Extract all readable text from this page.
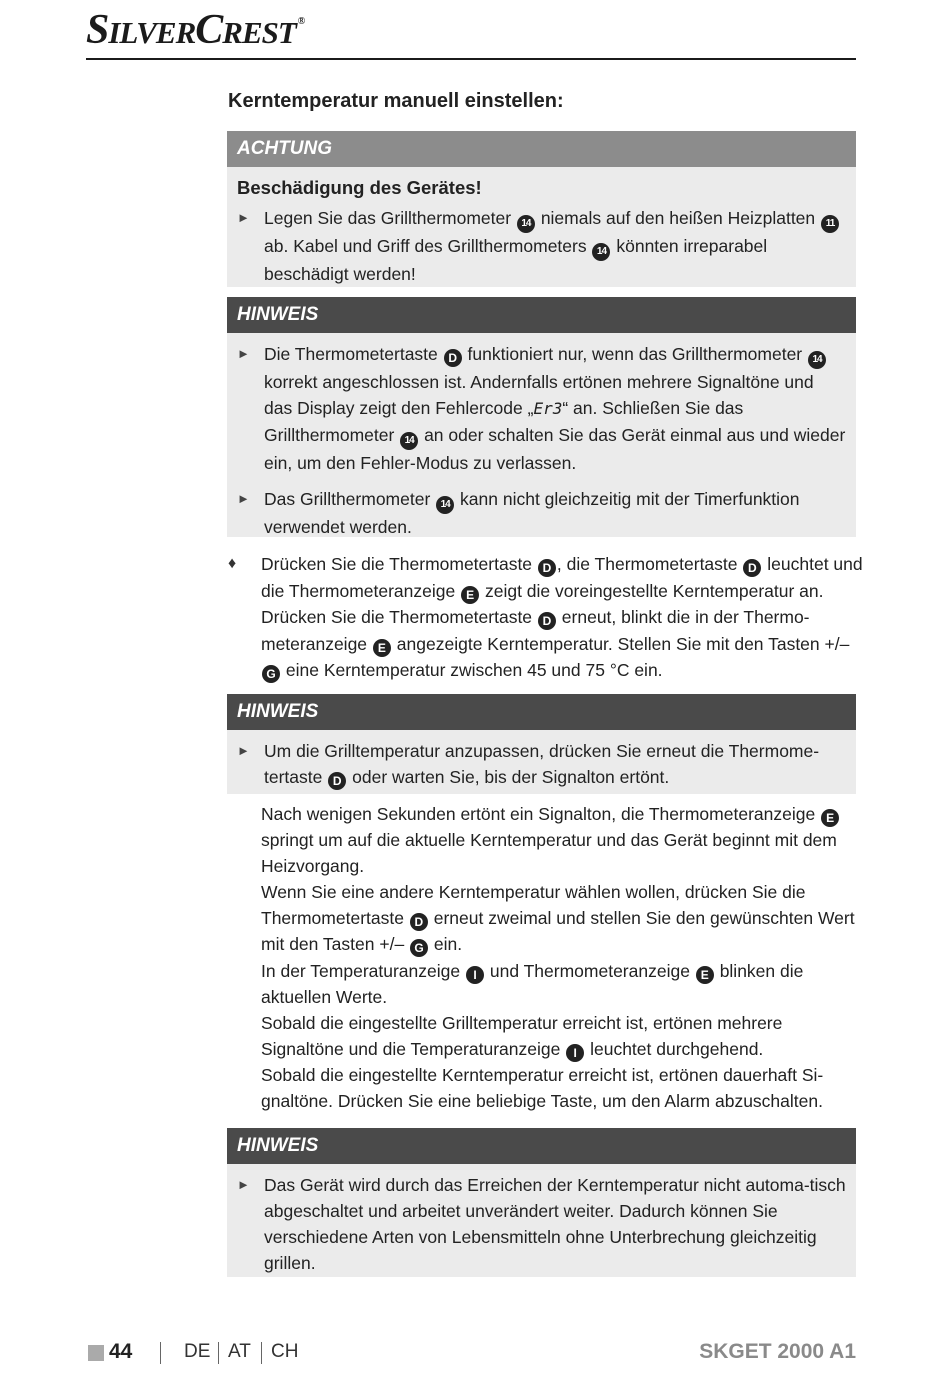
SILVERCREST ®
Kerntemperatur manuell einstellen:
ACHTUNG
Beschädigung des Gerätes!
► Legen Sie das Grillthermometer 14 niemals auf den heißen Heizplatten 11 ab. Kabel und Griff des Grillthermometers 14 könnten irreparabel beschädigt werden!
HINWEIS
► Die Thermometertaste D funktioniert nur, wenn das Grillthermometer 14 korrekt angeschlossen ist. Andernfalls ertönen mehrere Signaltöne und das Display zeigt den Fehlercode „Er3“ an. Schließen Sie das Grillthermometer 14 an oder schalten Sie das Gerät einmal aus und wieder ein, um den Fehler-Modus zu verlassen.
► Das Grillthermometer 14 kann nicht gleichzeitig mit der Timerfunktion verwendet werden.
♦	Drücken Sie die Thermometertaste D , die Thermometertaste D leuchtet und die Thermometeranzeige E zeigt die voreingestellte Kerntemperatur an. Drücken Sie die Thermometertaste D erneut, blinkt die in der Thermo-meteranzeige E angezeigte Kerntemperatur. Stellen Sie mit den Tasten +/– G eine Kerntemperatur zwischen 45 und 75 °C ein.
HINWEIS
► Um die Grilltemperatur anzupassen, drücken Sie erneut die Thermome-tertaste D oder warten Sie, bis der Signalton ertönt.
Nach wenigen Sekunden ertönt ein Signalton, die Thermometeranzeige E springt um auf die aktuelle Kerntemperatur und das Gerät beginnt mit dem Heizvorgang.
Wenn Sie eine andere Kerntemperatur wählen wollen, drücken Sie die Thermometertaste D erneut zweimal und stellen Sie den gewünschten Wert mit den Tasten +/– G ein.
In der Temperaturanzeige I und Thermometeranzeige E blinken die aktuellen Werte.
Sobald die eingestellte Grilltemperatur erreicht ist, ertönen mehrere Signaltöne und die Temperaturanzeige I leuchtet durchgehend.
Sobald die eingestellte Kerntemperatur erreicht ist, ertönen dauerhaft Si-gnaltöne. Drücken Sie eine beliebige Taste, um den Alarm abzuschalten.
HINWEIS
► Das Gerät wird durch das Erreichen der Kerntemperatur nicht automa-tisch abgeschaltet und arbeitet unverändert weiter. Dadurch können Sie verschiedene Arten von Lebensmitteln ohne Unterbrechung gleichzeitig grillen.
44	DE AT CH	SKGET 2000 A1
